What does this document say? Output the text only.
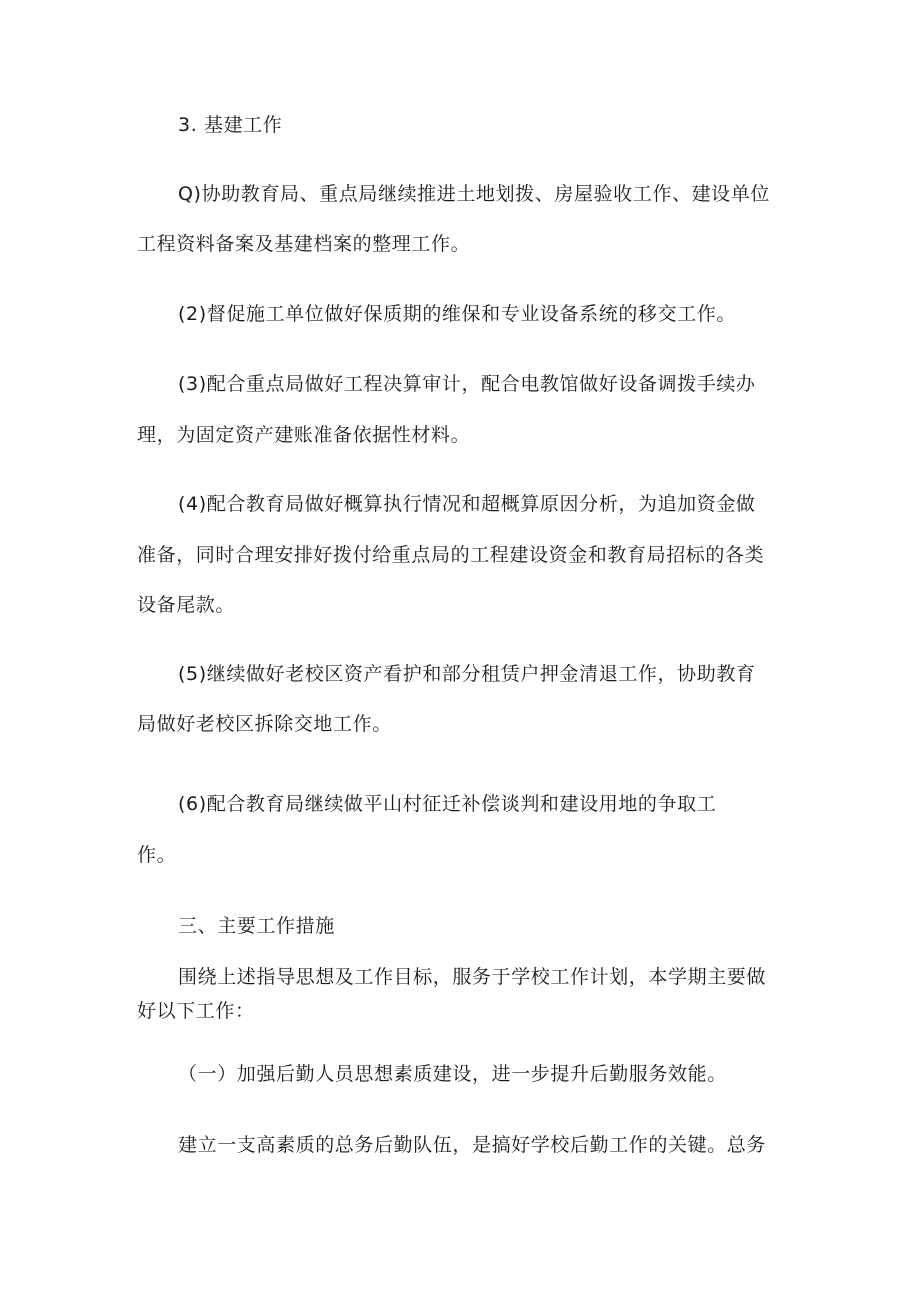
3. 基建工作

Q)协助教育局、重点局继续推进土地划拨、房屋验收工作、建设单位

工程资料备案及基建档案的整理工作。

(2)督促施工单位做好保质期的维保和专业设备系统的移交工作。

(3)配合重点局做好工程决算审计，配合电教馆做好设备调拨手续办

理，为固定资产建账准备依据性材料。

(4)配合教育局做好概算执行情况和超概算原因分析，为追加资金做

准备，同时合理安排好拨付给重点局的工程建设资金和教育局招标的各类

设备尾款。

(5)继续做好老校区资产看护和部分租赁户押金清退工作，协助教育

局做好老校区拆除交地工作。

(6)配合教育局继续做平山村征迁补偿谈判和建设用地的争取工

作。

三、主要工作措施

围绕上述指导思想及工作目标，服务于学校工作计划，本学期主要做

好以下工作：

（一）加强后勤人员思想素质建设，进一步提升后勤服务效能。

建立一支高素质的总务后勤队伍，是搞好学校后勤工作的关键。总务
